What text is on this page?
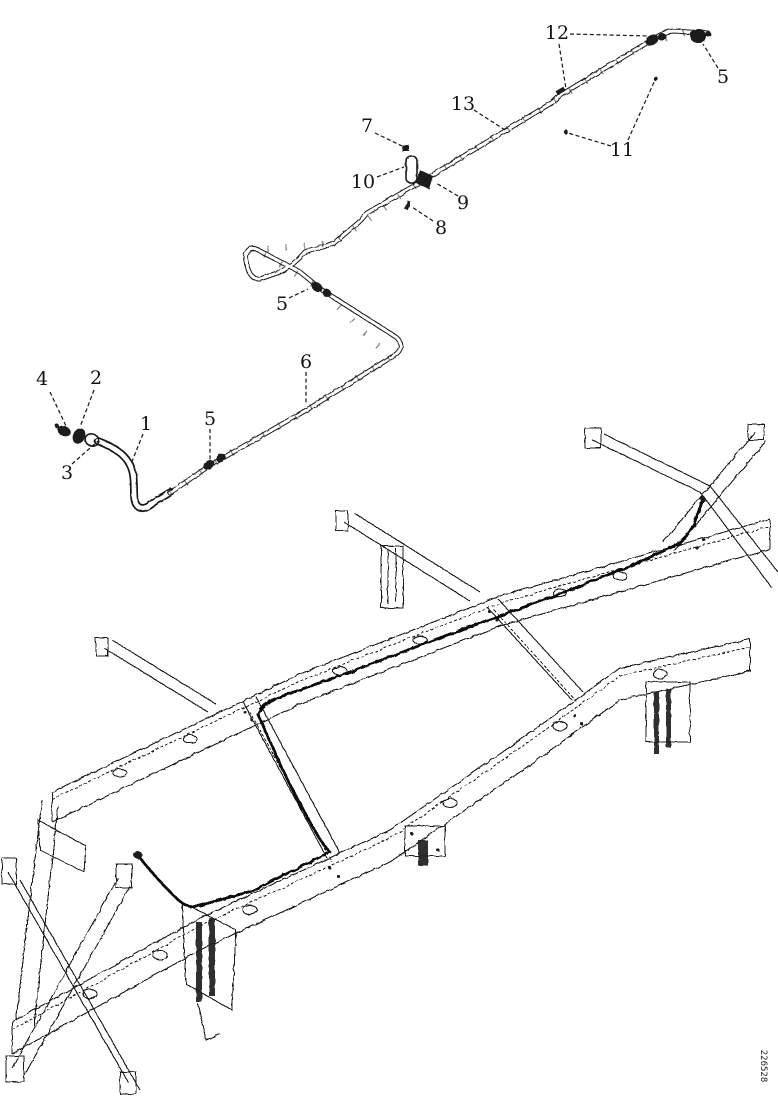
4 2
3
1	5
6
5
10
7
13
9
8
12
11
5
226528
